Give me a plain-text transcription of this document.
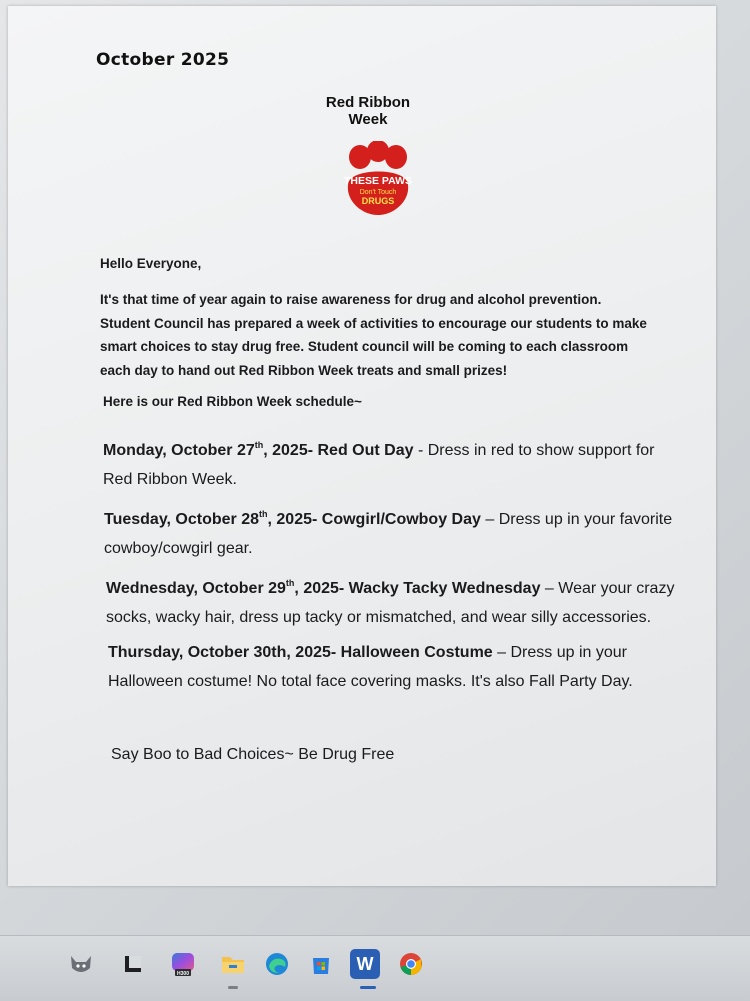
October 2025
Red Ribbon Week
THESE PAWS
Don't Touch
DRUGS
Hello Everyone,
It's that time of year again to raise awareness for drug and alcohol prevention.
Student Council has prepared a week of activities to encourage our students to make
smart choices to stay drug free. Student council will be coming to each classroom
each day to hand out Red Ribbon Week treats and small prizes!
Here is our Red Ribbon Week schedule~
Monday, October 27th, 2025- Red Out Day - Dress in red to show support for
Red Ribbon Week.
Tuesday, October 28th, 2025- Cowgirl/Cowboy Day – Dress up in your favorite
cowboy/cowgirl gear.
Wednesday, October 29th, 2025- Wacky Tacky Wednesday – Wear your crazy
socks, wacky hair, dress up tacky or mismatched, and wear silly accessories.
Thursday, October 30th, 2025- Halloween Costume – Dress up in your
Halloween costume! No total face covering masks. It's also Fall Party Day.
Say Boo to Bad Choices~ Be Drug Free
H300
W
